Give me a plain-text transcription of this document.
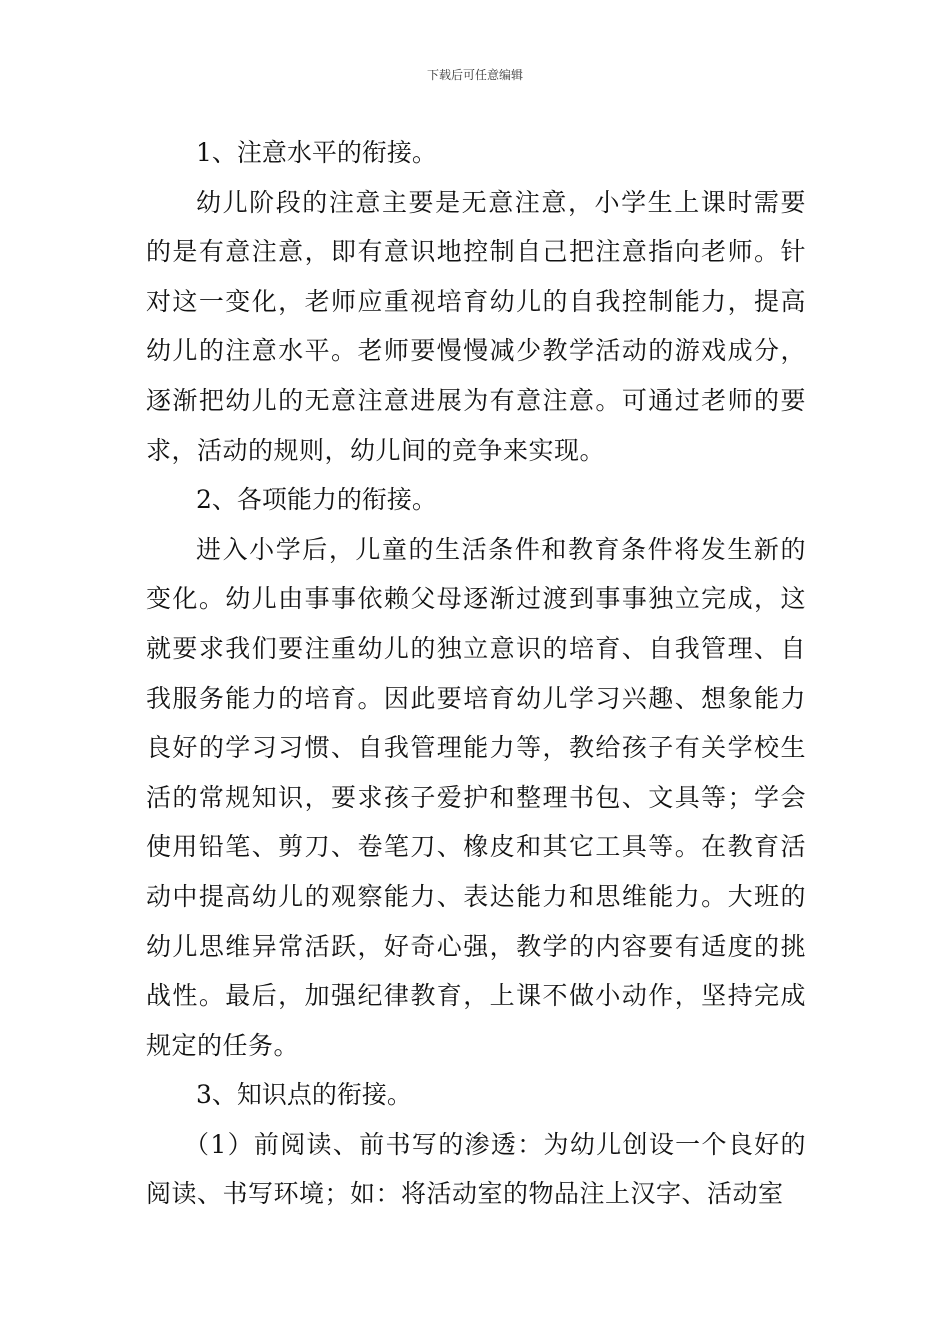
下载后可任意编辑

1、注意水平的衔接。

幼儿阶段的注意主要是无意注意，小学生上课时需要的是有意注意，即有意识地控制自己把注意指向老师。针对这一变化，老师应重视培育幼儿的自我控制能力，提高幼儿的注意水平。老师要慢慢减少教学活动的游戏成分，逐渐把幼儿的无意注意进展为有意注意。可通过老师的要求，活动的规则，幼儿间的竞争来实现。

2、各项能力的衔接。

进入小学后，儿童的生活条件和教育条件将发生新的变化。幼儿由事事依赖父母逐渐过渡到事事独立完成，这就要求我们要注重幼儿的独立意识的培育、自我管理、自我服务能力的培育。因此要培育幼儿学习兴趣、想象能力良好的学习习惯、自我管理能力等，教给孩子有关学校生活的常规知识，要求孩子爱护和整理书包、文具等；学会使用铅笔、剪刀、卷笔刀、橡皮和其它工具等。在教育活动中提高幼儿的观察能力、表达能力和思维能力。大班的幼儿思维异常活跃，好奇心强，教学的内容要有适度的挑战性。最后，加强纪律教育，上课不做小动作，坚持完成规定的任务。

3、知识点的衔接。

（1）前阅读、前书写的渗透：为幼儿创设一个良好的阅读、书写环境；如：将活动室的物品注上汉字、活动室
